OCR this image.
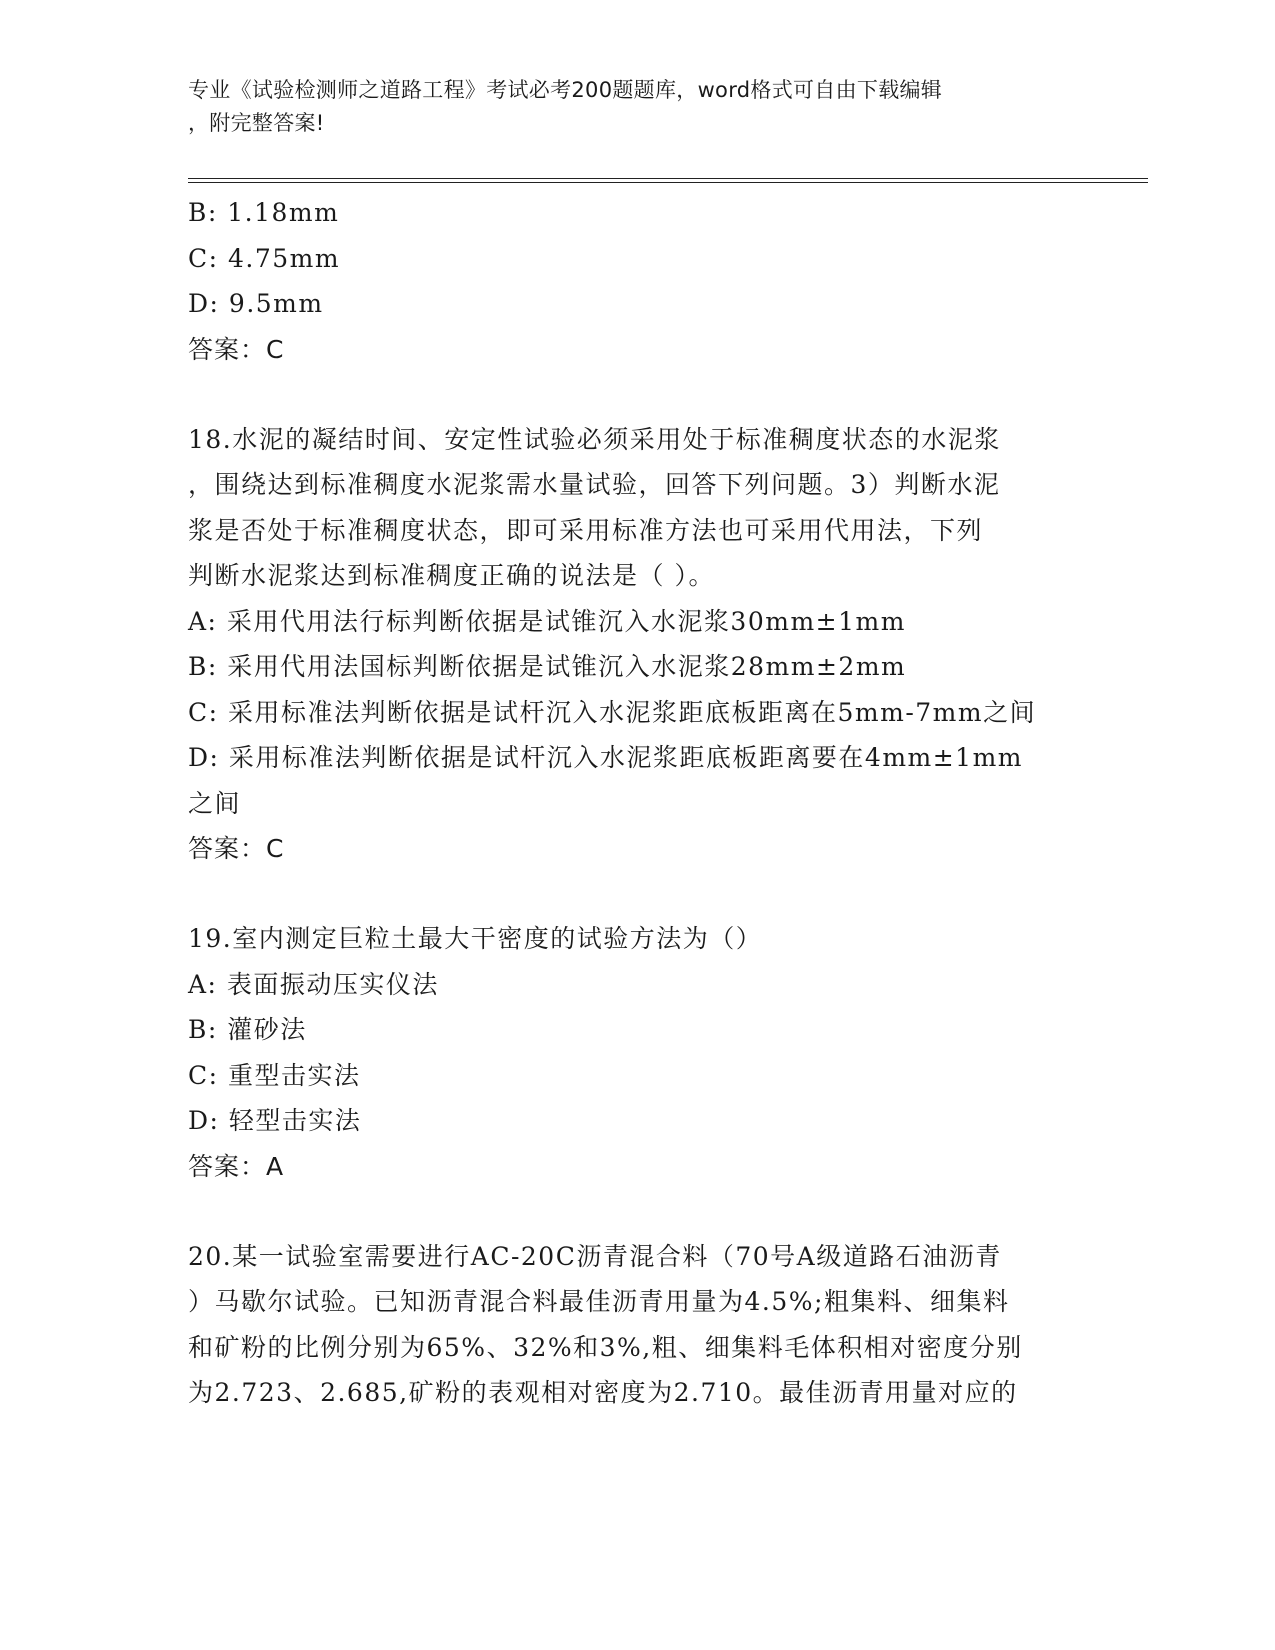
专业《试验检测师之道路工程》考试必考200题题库，word格式可自由下载编辑
，附完整答案!
B: 1.18mm
C: 4.75mm
D: 9.5mm
答案：C
18.水泥的凝结时间、安定性试验必须采用处于标准稠度状态的水泥浆
，围绕达到标准稠度水泥浆需水量试验，回答下列问题。3）判断水泥
浆是否处于标准稠度状态，即可采用标准方法也可采用代用法，下列
判断水泥浆达到标准稠度正确的说法是（ ）。
A: 采用代用法行标判断依据是试锥沉入水泥浆30mm±1mm
B: 采用代用法国标判断依据是试锥沉入水泥浆28mm±2mm
C: 采用标准法判断依据是试杆沉入水泥浆距底板距离在5mm-7mm之间
D: 采用标准法判断依据是试杆沉入水泥浆距底板距离要在4mm±1mm
之间
答案：C
19.室内测定巨粒土最大干密度的试验方法为（）
A: 表面振动压实仪法
B: 灌砂法
C: 重型击实法
D: 轻型击实法
答案：A
20.某一试验室需要进行AC-20C沥青混合料（70号A级道路石油沥青
）马歇尔试验。已知沥青混合料最佳沥青用量为4.5%;粗集料、细集料
和矿粉的比例分别为65%、32%和3%,粗、细集料毛体积相对密度分别
为2.723、2.685,矿粉的表观相对密度为2.710。最佳沥青用量对应的
